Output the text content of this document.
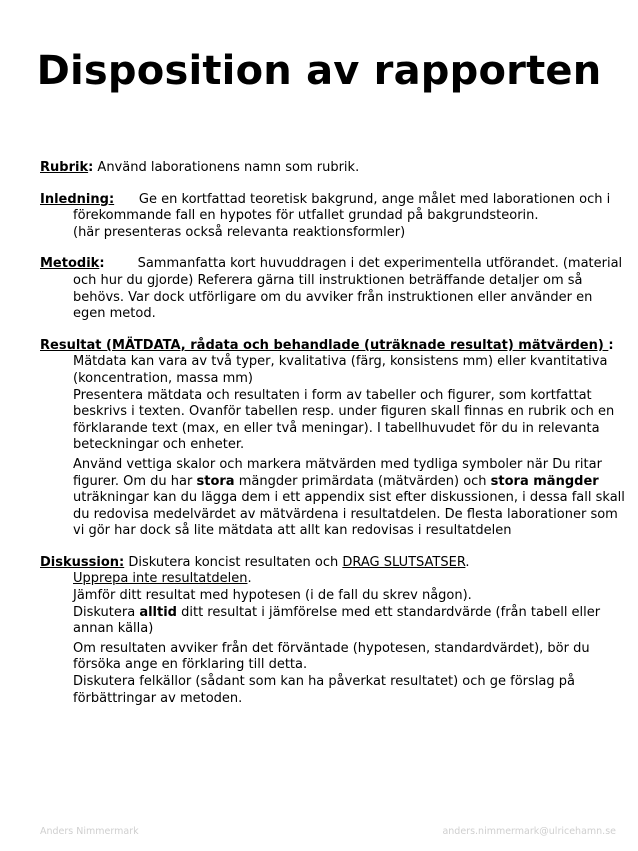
Disposition av rapporten
Rubrik: Använd laborationens namn som rubrik.
Inledning:      Ge en kortfattad teoretisk bakgrund, ange målet med laborationen och i
förekommande fall en hypotes för utfallet grundad på bakgrundsteorin.
(här presenteras också relevanta reaktionsformler)
Metodik:        Sammanfatta kort huvuddragen i det experimentella utförandet. (material
och hur du gjorde) Referera gärna till instruktionen beträffande detaljer om så
behövs. Var dock utförligare om du avviker från instruktionen eller använder en
egen metod.
Resultat (MÄTDATA, rådata och behandlade (uträknade resultat) mätvärden) :
Mätdata kan vara av två typer, kvalitativa (färg, konsistens mm) eller kvantitativa
(koncentration, massa mm)
Presentera mätdata och resultaten i form av tabeller och figurer, som kortfattat
beskrivs i texten. Ovanför tabellen resp. under figuren skall finnas en rubrik och en
förklarande text (max, en eller två meningar). I tabellhuvudet för du in relevanta
beteckningar och enheter.
Använd vettiga skalor och markera mätvärden med tydliga symboler när Du ritar
figurer. Om du har stora mängder primärdata (mätvärden) och stora mängder
uträkningar kan du lägga dem i ett appendix sist efter diskussionen, i dessa fall skall
du redovisa medelvärdet av mätvärdena i resultatdelen. De flesta laborationer som
vi gör har dock så lite mätdata att allt kan redovisas i resultatdelen
Diskussion: Diskutera koncist resultaten och DRAG SLUTSATSER.
Upprepa inte resultatdelen.
Jämför ditt resultat med hypotesen (i de fall du skrev någon).
Diskutera alltid ditt resultat i jämförelse med ett standardvärde (från tabell eller
annan källa)
Om resultaten avviker från det förväntade (hypotesen, standardvärdet), bör du
försöka ange en förklaring till detta.
Diskutera felkällor (sådant som kan ha påverkat resultatet) och ge förslag på
förbättringar av metoden.
Anders Nimmermark	anders.nimmermark@ulricehamn.se
